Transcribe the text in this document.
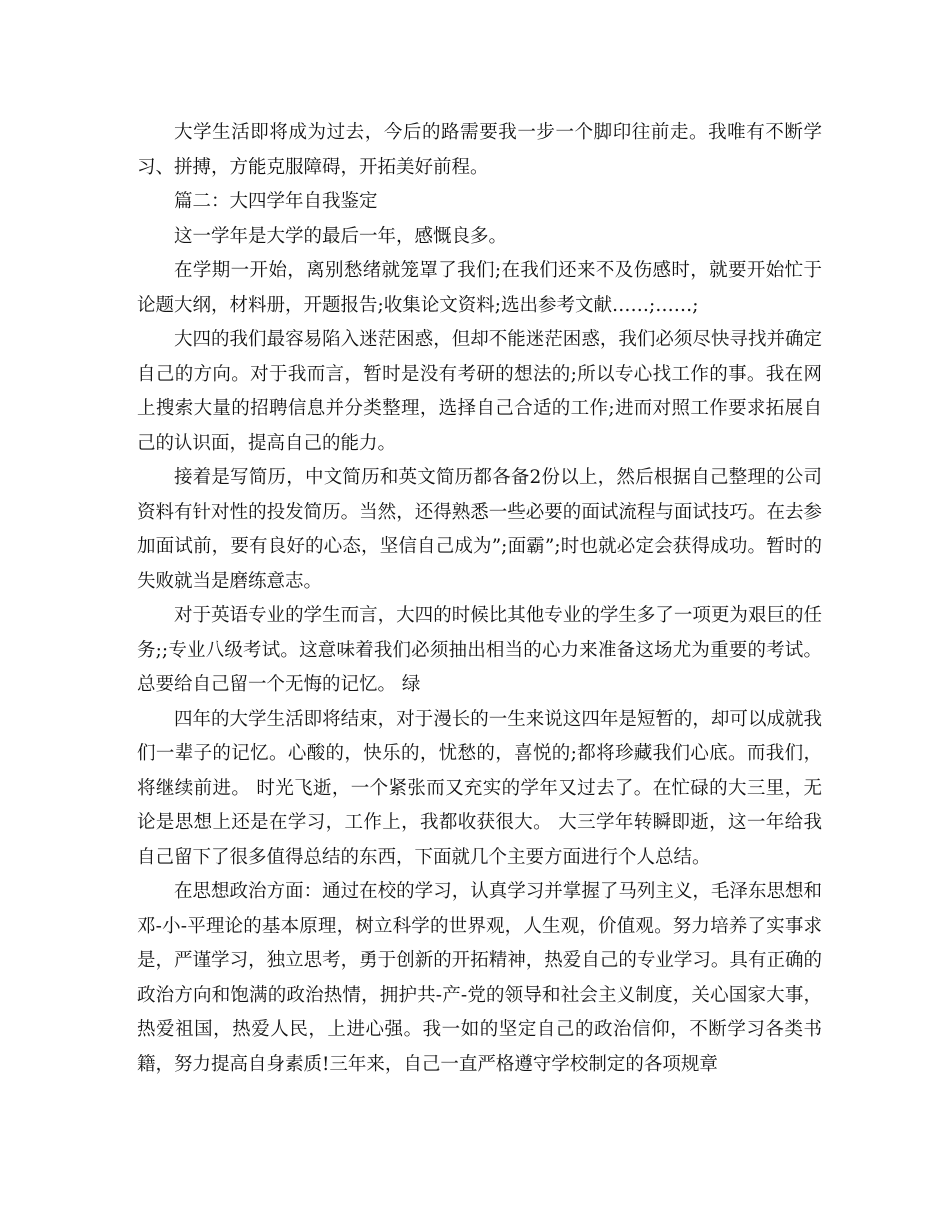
大学生活即将成为过去，今后的路需要我一步一个脚印往前走。我唯有不断学习、拼搏，方能克服障碍，开拓美好前程。

篇二：大四学年自我鉴定

这一学年是大学的最后一年，感慨良多。

在学期一开始，离别愁绪就笼罩了我们;在我们还来不及伤感时，就要开始忙于论题大纲，材料册，开题报告;收集论文资料;选出参考文献……;……;

大四的我们最容易陷入迷茫困惑，但却不能迷茫困惑，我们必须尽快寻找并确定自己的方向。对于我而言，暂时是没有考研的想法的;所以专心找工作的事。我在网上搜索大量的招聘信息并分类整理，选择自己合适的工作;进而对照工作要求拓展自己的认识面，提高自己的能力。

接着是写简历，中文简历和英文简历都各备2份以上，然后根据自己整理的公司资料有针对性的投发简历。当然，还得熟悉一些必要的面试流程与面试技巧。在去参加面试前，要有良好的心态，坚信自己成为”;面霸”;时也就必定会获得成功。暂时的失败就当是磨练意志。

对于英语专业的学生而言，大四的时候比其他专业的学生多了一项更为艰巨的任务;;专业八级考试。这意味着我们必须抽出相当的心力来准备这场尤为重要的考试。总要给自己留一个无悔的记忆。 绿

四年的大学生活即将结束，对于漫长的一生来说这四年是短暂的，却可以成就我们一辈子的记忆。心酸的，快乐的，忧愁的，喜悦的;都将珍藏我们心底。而我们，将继续前进。 时光飞逝，一个紧张而又充实的学年又过去了。在忙碌的大三里，无论是思想上还是在学习，工作上，我都收获很大。 大三学年转瞬即逝，这一年给我自己留下了很多值得总结的东西，下面就几个主要方面进行个人总结。

在思想政治方面：通过在校的学习，认真学习并掌握了马列主义，毛泽东思想和邓-小-平理论的基本原理，树立科学的世界观，人生观，价值观。努力培养了实事求是，严谨学习，独立思考，勇于创新的开拓精神，热爱自己的专业学习。具有正确的政治方向和饱满的政治热情，拥护共-产-党的领导和社会主义制度，关心国家大事，热爱祖国，热爱人民，上进心强。我一如的坚定自己的政治信仰，不断学习各类书籍，努力提高自身素质!三年来，自己一直严格遵守学校制定的各项规章
